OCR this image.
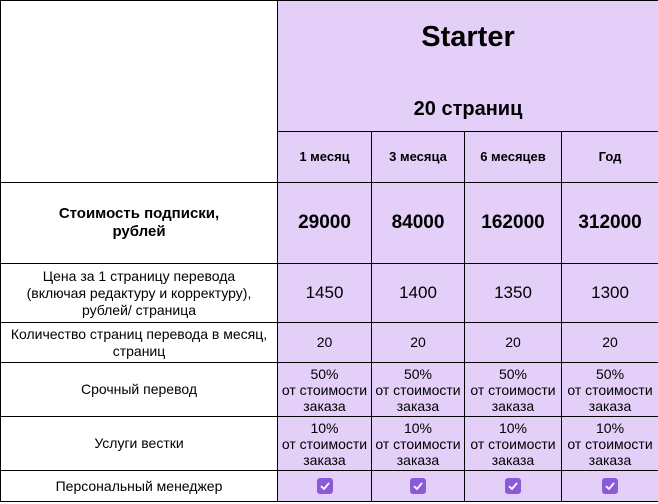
	Starter
20 страниц			

	1 месяц	3 месяца	6 месяцев	Год

Стоимость подписки,
рублей	29000	84000	162000	312000

Цена за 1 страницу перевода
(включая редактуру и корректуру),
рублей/ страница	1450	1400	1350	1300

Количество страниц перевода в месяц,
страниц	20	20	20	20

Срочный перевод	50%
от стоимости
заказа	50%
от стоимости
заказа	50%
от стоимости
заказа	50%
от стоимости
заказа

Услуги вестки	10%
от стоимости
заказа	10%
от стоимости
заказа	10%
от стоимости
заказа	10%
от стоимости
заказа

Персональный менеджер
